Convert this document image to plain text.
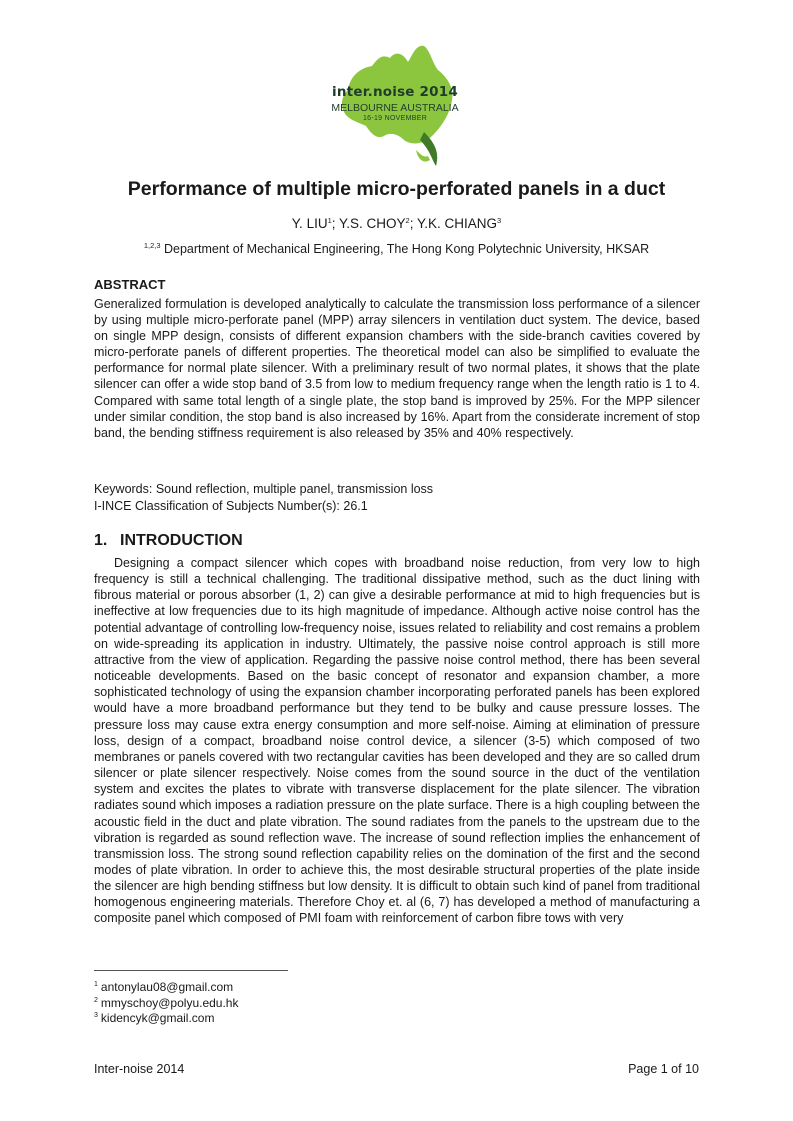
inter.noise 2014
MELBOURNE AUSTRALIA
16-19 NOVEMBER
Performance of multiple micro-perforated panels in a duct
Y. LIU$^1$; Y.S. CHOY$^2$; Y.K. CHIANG$^3$
$^{1,2,3}$ Department of Mechanical Engineering, The Hong Kong Polytechnic University, HKSAR
ABSTRACT
Generalized formulation is developed analytically to calculate the transmission loss performance of a silencer by using multiple micro-perforate panel (MPP) array silencers in ventilation duct system. The device, based on single MPP design, consists of different expansion chambers with the side-branch cavities covered by micro-perforate panels of different properties. The theoretical model can also be simplified to evaluate the performance for normal plate silencer. With a preliminary result of two normal plates, it shows that the plate silencer can offer a wide stop band of 3.5 from low to medium frequency range when the length ratio is 1 to 4. Compared with same total length of a single plate, the stop band is improved by 25%. For the MPP silencer under similar condition, the stop band is also increased by 16%. Apart from the considerate increment of stop band, the bending stiffness requirement is also released by 35% and 40% respectively.
Keywords: Sound reflection, multiple panel, transmission loss
I-INCE Classification of Subjects Number(s): 26.1
1. INTRODUCTION
Designing a compact silencer which copes with broadband noise reduction, from very low to high frequency is still a technical challenging. The traditional dissipative method, such as the duct lining with fibrous material or porous absorber (1, 2) can give a desirable performance at mid to high frequencies but is ineffective at low frequencies due to its high magnitude of impedance. Although active noise control has the potential advantage of controlling low-frequency noise, issues related to reliability and cost remains a problem on wide-spreading its application in industry. Ultimately, the passive noise control approach is still more attractive from the view of application. Regarding the passive noise control method, there has been several noticeable developments. Based on the basic concept of resonator and expansion chamber, a more sophisticated technology of using the expansion chamber incorporating perforated panels has been explored would have a more broadband performance but they tend to be bulky and cause pressure losses. The pressure loss may cause extra energy consumption and more self-noise. Aiming at elimination of pressure loss, design of a compact, broadband noise control device, a silencer (3-5) which composed of two membranes or panels covered with two rectangular cavities has been developed and they are so called drum silencer or plate silencer respectively. Noise comes from the sound source in the duct of the ventilation system and excites the plates to vibrate with transverse displacement for the plate silencer. The vibration radiates sound which imposes a radiation pressure on the plate surface. There is a high coupling between the acoustic field in the duct and plate vibration. The sound radiates from the panels to the upstream due to the vibration is regarded as sound reflection wave. The increase of sound reflection implies the enhancement of transmission loss. The strong sound reflection capability relies on the domination of the first and the second modes of plate vibration. In order to achieve this, the most desirable structural properties of the plate inside the silencer are high bending stiffness but low density. It is difficult to obtain such kind of panel from traditional homogenous engineering materials. Therefore Choy et. al (6, 7) has developed a method of manufacturing a composite panel which composed of PMI foam with reinforcement of carbon fibre tows with very
$^1$ antonylau08@gmail.com
$^2$ mmyschoy@polyu.edu.hk
$^3$ kidencyk@gmail.com
Inter-noise 2014	Page 1 of 10
